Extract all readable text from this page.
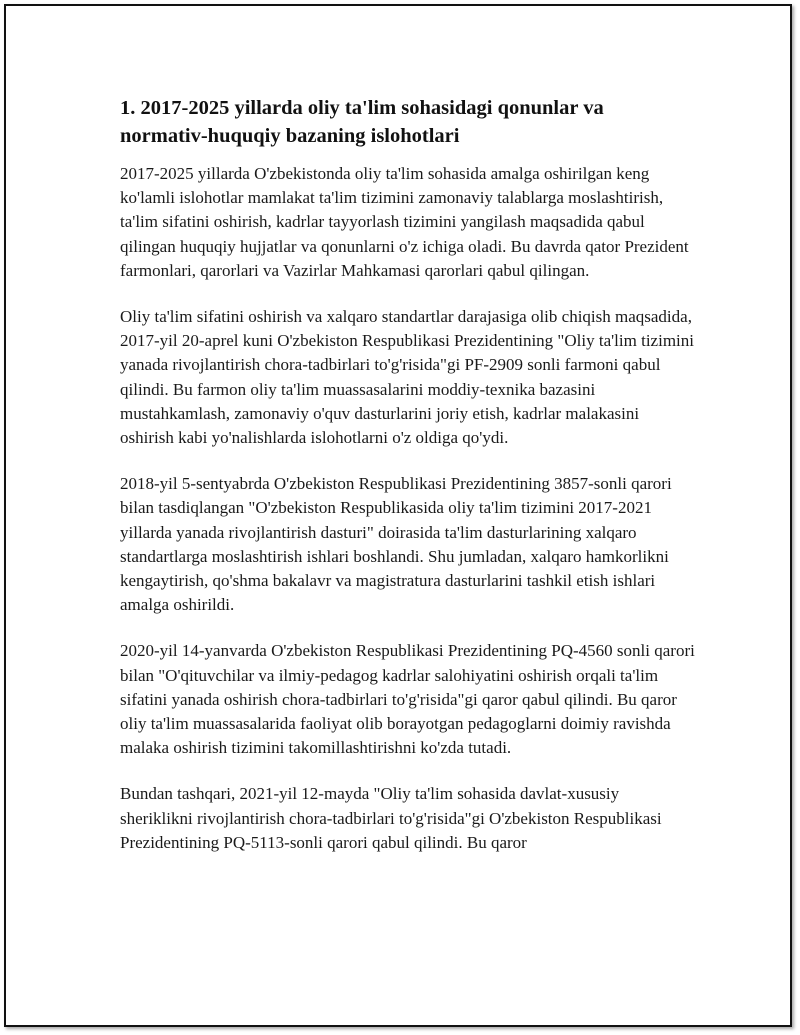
1. 2017-2025 yillarda oliy ta'lim sohasidagi qonunlar va normativ-huquqiy bazaning islohotlari

2017-2025 yillarda O'zbekistonda oliy ta'lim sohasida amalga oshirilgan keng ko'lamli islohotlar mamlakat ta'lim tizimini zamonaviy talablarga moslashtirish, ta'lim sifatini oshirish, kadrlar tayyorlash tizimini yangilash maqsadida qabul qilingan huquqiy hujjatlar va qonunlarni o'z ichiga oladi. Bu davrda qator Prezident farmonlari, qarorlari va Vazirlar Mahkamasi qarorlari qabul qilingan.

Oliy ta'lim sifatini oshirish va xalqaro standartlar darajasiga olib chiqish maqsadida, 2017-yil 20-aprel kuni O'zbekiston Respublikasi Prezidentining "Oliy ta'lim tizimini yanada rivojlantirish chora-tadbirlari to'g'risida"gi PF-2909 sonli farmoni qabul qilindi. Bu farmon oliy ta'lim muassasalarini moddiy-texnika bazasini mustahkamlash, zamonaviy o'quv dasturlarini joriy etish, kadrlar malakasini oshirish kabi yo'nalishlarda islohotlarni o'z oldiga qo'ydi.

2018-yil 5-sentyabrda O'zbekiston Respublikasi Prezidentining 3857-sonli qarori bilan tasdiqlangan "O'zbekiston Respublikasida oliy ta'lim tizimini 2017-2021 yillarda yanada rivojlantirish dasturi" doirasida ta'lim dasturlarining xalqaro standartlarga moslashtirish ishlari boshlandi. Shu jumladan, xalqaro hamkorlikni kengaytirish, qo'shma bakalavr va magistratura dasturlarini tashkil etish ishlari amalga oshirildi.

2020-yil 14-yanvarda O'zbekiston Respublikasi Prezidentining PQ-4560 sonli qarori bilan "O'qituvchilar va ilmiy-pedagog kadrlar salohiyatini oshirish orqali ta'lim sifatini yanada oshirish chora-tadbirlari to'g'risida"gi qaror qabul qilindi. Bu qaror oliy ta'lim muassasalarida faoliyat olib borayotgan pedagoglarni doimiy ravishda malaka oshirish tizimini takomillashtirishni ko'zda tutadi.

Bundan tashqari, 2021-yil 12-mayda "Oliy ta'lim sohasida davlat-xususiy sheriklikni rivojlantirish chora-tadbirlari to'g'risida"gi O'zbekiston Respublikasi Prezidentining PQ-5113-sonli qarori qabul qilindi. Bu qaror
